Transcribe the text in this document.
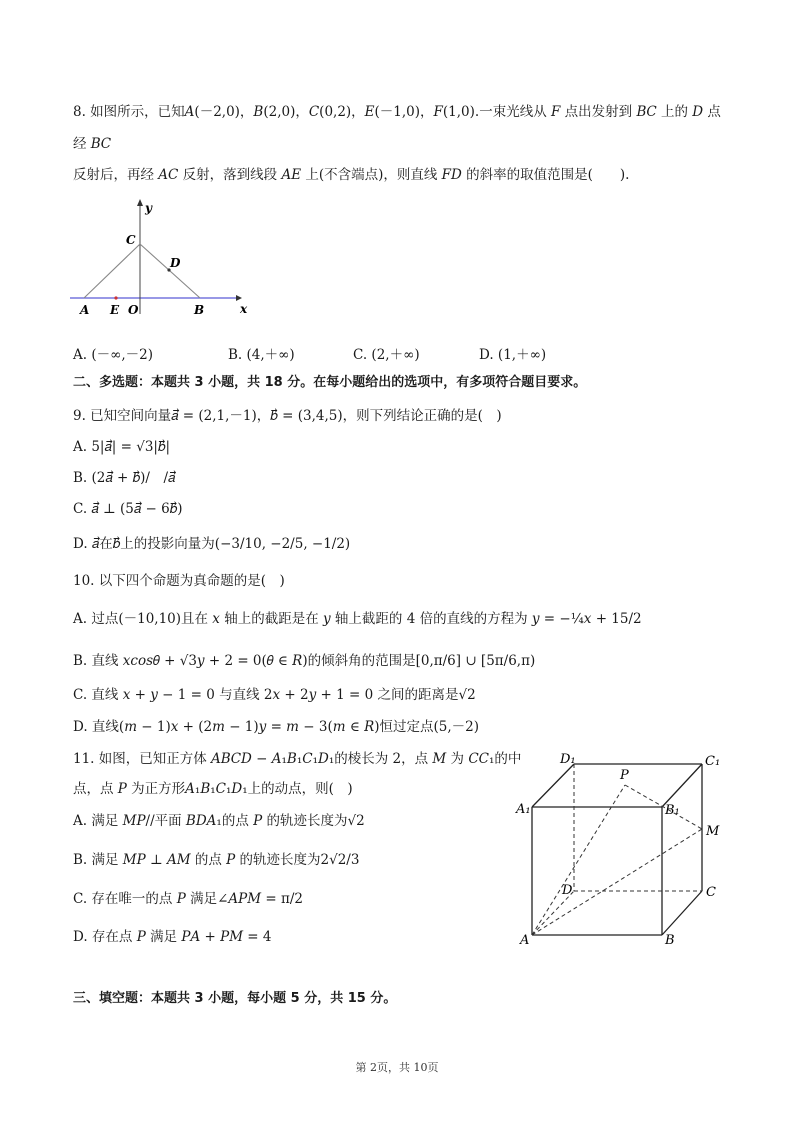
8. 如图所示，已知𝐴(－2,0)，𝐵(2,0)，𝐶(0,2)，𝐸(－1,0)，𝐹(1,0).一束光线从 𝐹 点出发射到 𝐵𝐶 上的 𝐷 点
经 𝐵𝐶
反射后，再经 𝐴𝐶 反射，落到线段 𝐴𝐸 上(不含端点)，则直线 𝐹𝐷 的斜率的取值范围是(　　).
y
x
C
D
A E O	B
A. (－∞,－2)	B. (4,＋∞)	C. (2,＋∞)	D. (1,＋∞)
二、多选题：本题共 3 小题，共 18 分。在每小题给出的选项中，有多项符合题目要求。
9. 已知空间向量𝑎⃗ = (2,1,－1)，𝑏⃗ = (3,4,5)，则下列结论正确的是(　)
A. 5|𝑎⃗| = √3|𝑏⃗|
B. (2𝑎⃗ + 𝑏⃗)/　/𝑎⃗
C. 𝑎⃗ ⊥ (5𝑎⃗ − 6𝑏⃗)
D. 𝑎⃗在𝑏⃗上的投影向量为(−3/10, −2/5, −1/2)
10. 以下四个命题为真命题的是(　)
A. 过点(－10,10)且在 𝑥 轴上的截距是在 𝑦 轴上截距的 4 倍的直线的方程为 𝑦 = −¼𝑥 + 15/2
B. 直线 𝑥𝑐𝑜𝑠𝜃 + √3𝑦 + 2 = 0(𝜃 ∈ 𝑅)的倾斜角的范围是[0,π/6] ∪ [5π/6,π)
C. 直线 𝑥 + 𝑦 − 1 = 0 与直线 2𝑥 + 2𝑦 + 1 = 0 之间的距离是√2
D. 直线(𝑚 − 1)𝑥 + (2𝑚 − 1)𝑦 = 𝑚 − 3(𝑚 ∈ 𝑅)恒过定点(5,－2)
11. 如图，已知正方体 𝐴𝐵𝐶𝐷 − 𝐴₁𝐵₁𝐶₁𝐷₁的棱长为 2，点 𝑀 为 𝐶𝐶₁的中
点，点 𝑃 为正方形𝐴₁𝐵₁𝐶₁𝐷₁上的动点，则(　)
A. 满足 𝑀𝑃//平面 𝐵𝐷𝐴₁的点 𝑃 的轨迹长度为√2
B. 满足 𝑀𝑃 ⊥ 𝐴𝑀 的点 𝑃 的轨迹长度为2√2/3
C. 存在唯一的点 𝑃 满足∠𝐴𝑃𝑀 = π/2
D. 存在点 𝑃 满足 𝑃𝐴 + 𝑃𝑀 = 4
D₁	C₁
P
A₁	B₁
M
D	C
A	B
三、填空题：本题共 3 小题，每小题 5 分，共 15 分。
第 2页，共 10页
